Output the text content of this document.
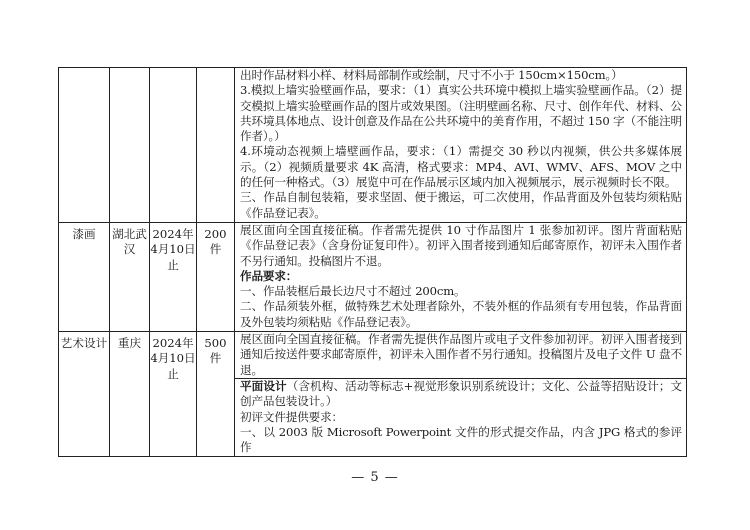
				出时作品材料小样、材料局部制作或绘制，尺寸不小于 150cm×150cm。）

3.模拟上墙实验壁画作品，要求：（1）真实公共环境中模拟上墙实验壁画作品。（2）提交模拟上墙实验壁画作品的图片或效果图。（注明壁画名称、尺寸、创作年代、材料、公共环境具体地点、设计创意及作品在公共环境中的美育作用，不超过 150 字（不能注明作者）。）

4.环境动态视频上墙壁画作品，要求：（1）需提交 30 秒以内视频，供公共多媒体展示。（2）视频质量要求 4K 高清，格式要求：MP4、AVI、WMV、AFS、MOV 之中的任何一种格式。（3）展览中可在作品展示区域内加入视频展示，展示视频时长不限。

三、作品自制包装箱，要求坚固、便于搬运，可二次使用，作品背面及外包装均须粘贴《作品登记表》。

漆画	湖北武汉	2024年4月10日止	200 件	展区面向全国直接征稿。作者需先提供 10 寸作品图片 1 张参加初评。图片背面粘贴《作品登记表》（含身份证复印件）。初评入围者接到通知后邮寄原作，初评未入围作者不另行通知。投稿图片不退。

作品要求：

一、作品装框后最长边尺寸不超过 200cm。

二、作品须装外框，做特殊艺术处理者除外，不装外框的作品须有专用包装，作品背面及外包装均须粘贴《作品登记表》。

艺术设计	重庆	2024年4月10日止	500 件	展区面向全国直接征稿。作者需先提供作品图片或电子文件参加初评。初评入围者接到通知后按送件要求邮寄原件，初评未入围作者不另行通知。投稿图片及电子文件 U 盘不退。

平面设计（含机构、活动等标志+视觉形象识别系统设计；文化、公益等招贴设计；文创产品包装设计。）

初评文件提供要求：

一、以 2003 版 Microsoft Powerpoint 文件的形式提交作品，内含 JPG 格式的参评作

— 5 —
